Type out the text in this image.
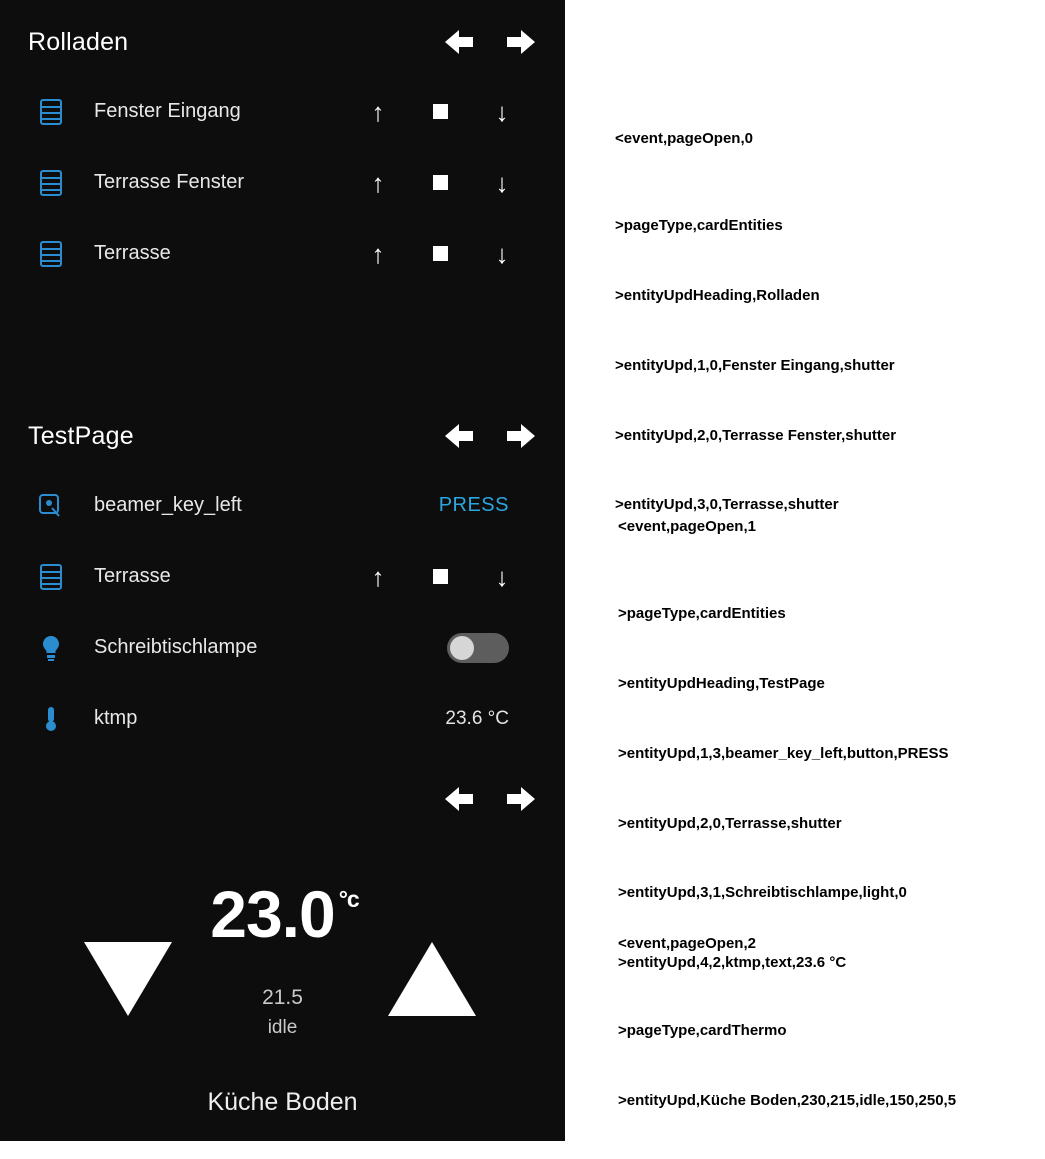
Rolladen
Fenster Eingang	↑	↓
Terrasse Fenster	↑	↓
Terrasse	↑	↓
TestPage
beamer_key_left	PRESS
Terrasse	↑	↓
Schreibtischlampe
ktmp	23.6 °C
23.0 $^{^\circ c}$
21.5
idle
Küche Boden

<event,pageOpen,0

>pageType,cardEntities

>entityUpdHeading,Rolladen

>entityUpd,1,0,Fenster Eingang,shutter

>entityUpd,2,0,Terrasse Fenster,shutter

>entityUpd,3,0,Terrasse,shutter

<event,pageOpen,1

>pageType,cardEntities

>entityUpdHeading,TestPage

>entityUpd,1,3,beamer_key_left,button,PRESS

>entityUpd,2,0,Terrasse,shutter

>entityUpd,3,1,Schreibtischlampe,light,0

>entityUpd,4,2,ktmp,text,23.6 °C

<event,pageOpen,2

>pageType,cardThermo

>entityUpd,Küche Boden,230,215,idle,150,250,5
